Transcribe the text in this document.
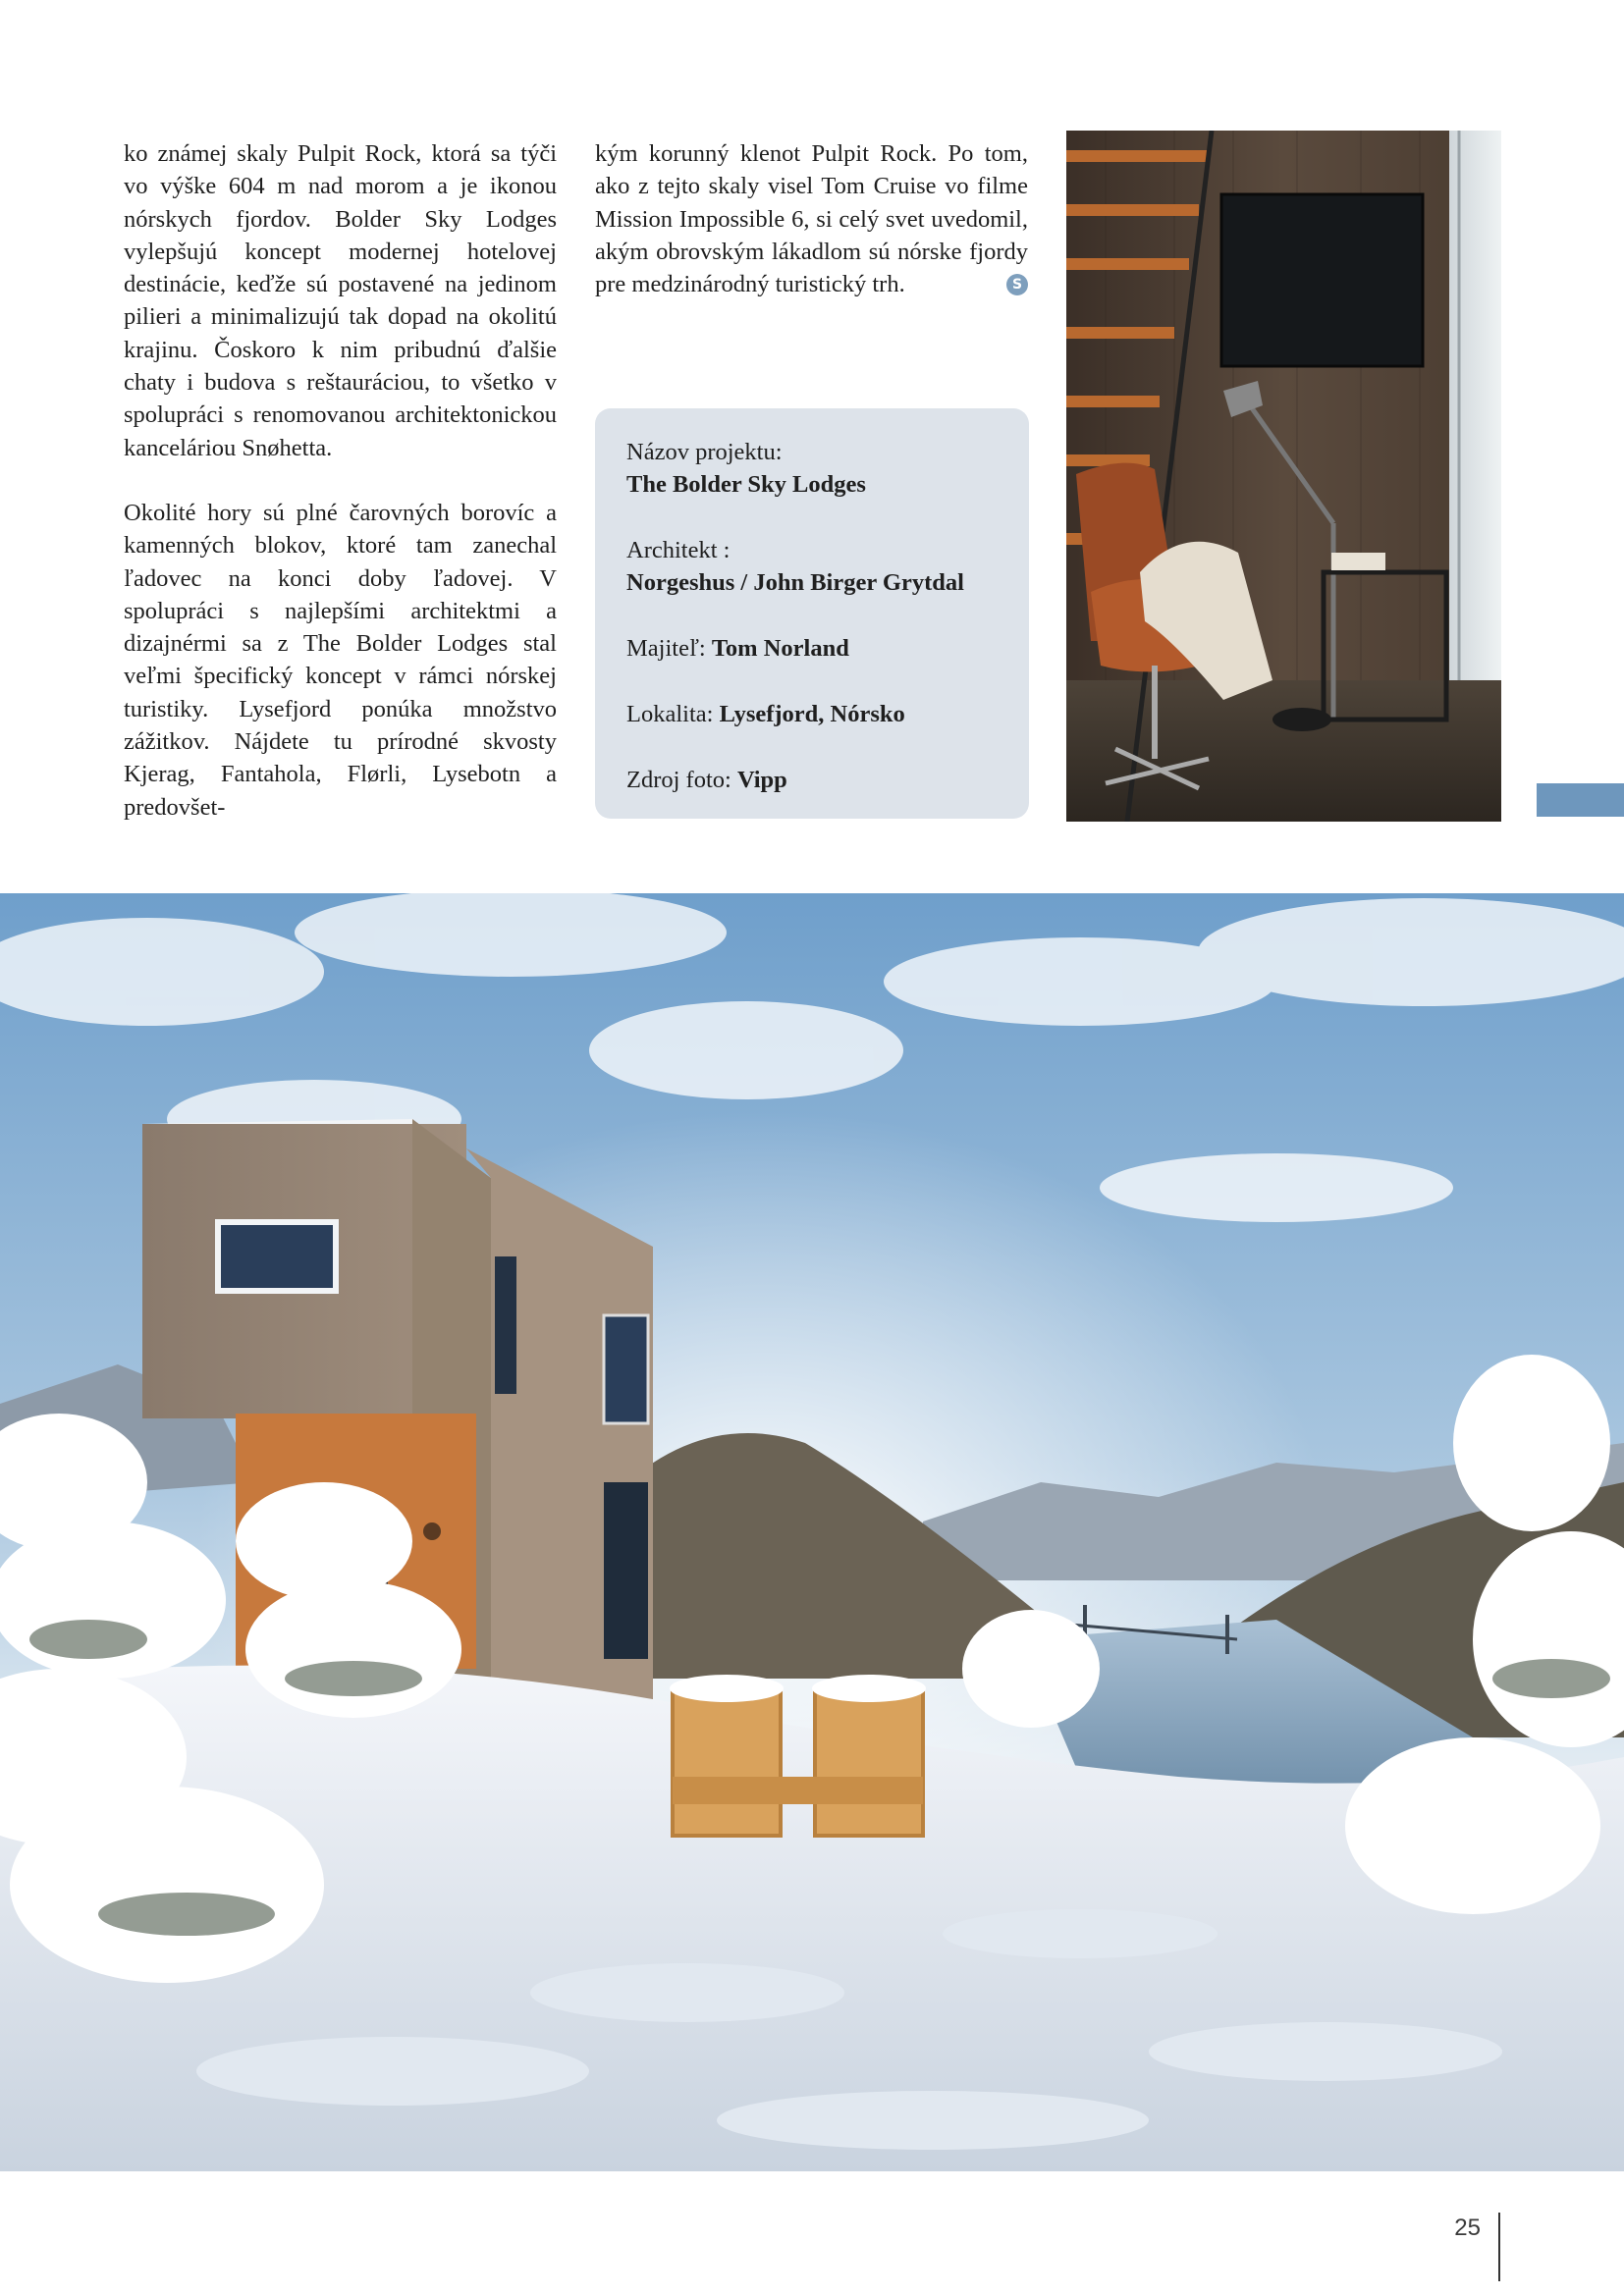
ko známej skaly Pulpit Rock, ktorá sa týči vo výške 604 m nad morom a je ikonou nórskych fjordov. Bolder Sky Lodges vylepšujú koncept modernej hotelovej destinácie, keďže sú postavené na jedinom pilieri a minimalizujú tak dopad na okolitú krajinu. Čoskoro k nim pribudnú ďalšie chaty i budova s reštauráciou, to všetko v spolupráci s renomovanou architektonickou kanceláriou Snøhetta.

Okolité hory sú plné čarovných borovíc a kamenných blokov, ktoré tam zanechal ľadovec na konci doby ľadovej. V spolupráci s najlepšími architektmi a dizajnérmi sa z The Bolder Lodges stal veľmi špecifický koncept v rámci nórskej turistiky. Lysefjord ponúka množstvo zážitkov. Nájdete tu prírodné skvosty Kjerag, Fantahola, Flørli, Lysebotn a predovšet-

kým korunný klenot Pulpit Rock. Po tom, ako z tejto skaly visel Tom Cruise vo filme Mission Impossible 6, si celý svet uvedomil, akým obrovským lákadlom sú nórske fjordy pre medzinárodný turistický trh.	S

Názov projektu:
The Bolder Sky Lodges
Architekt :
Norgeshus / John Birger Grytdal
Majiteľ: Tom Norland
Lokalita: Lysefjord, Nórsko
Zdroj foto: Vipp
25
